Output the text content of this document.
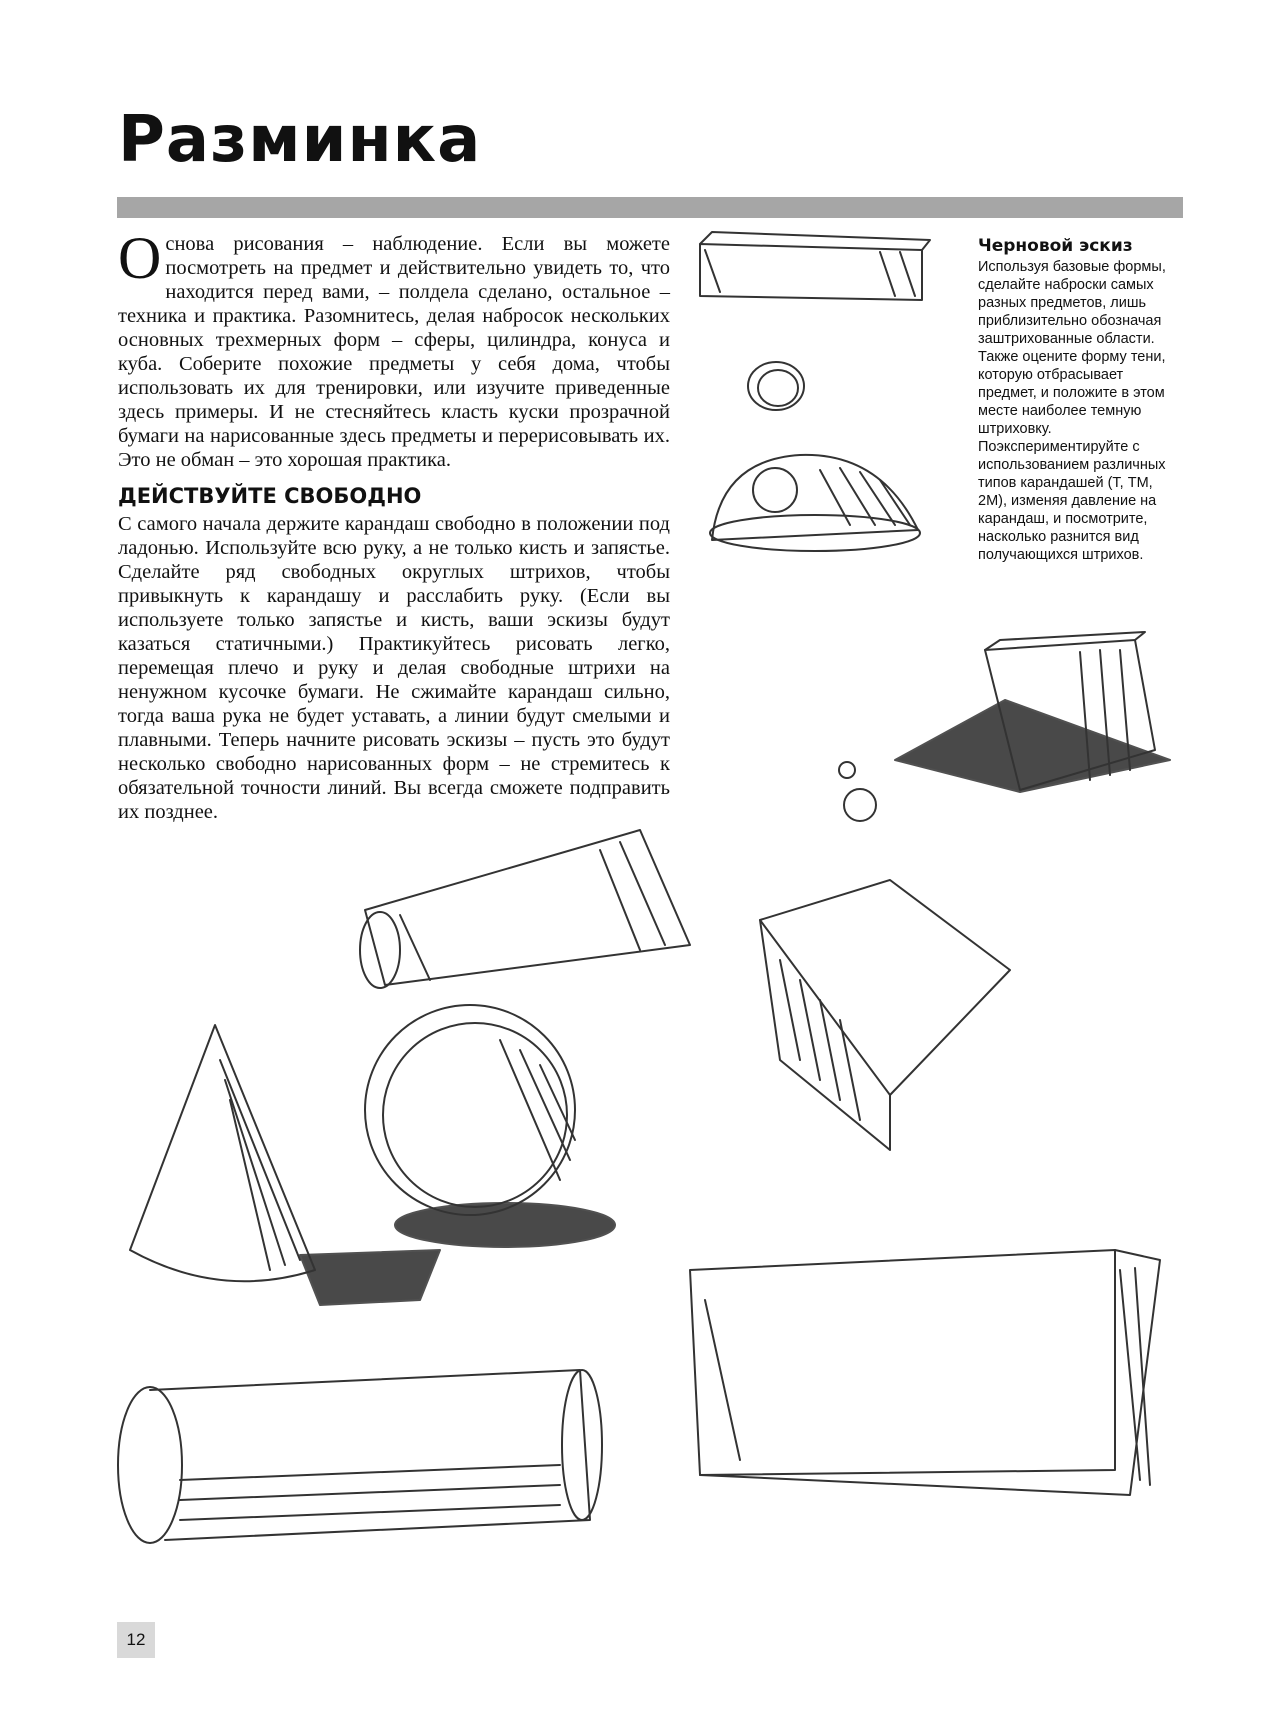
Разминка

Основа рисования – наблюдение. Если вы можете посмотреть на предмет и действительно увидеть то, что находится перед вами, – полдела сделано, остальное – техника и практика. Разомнитесь, делая набросок нескольких основных трехмерных форм – сферы, цилиндра, конуса и куба. Соберите похожие предметы у себя дома, чтобы использовать их для тренировки, или изучите приведенные здесь примеры. И не стесняйтесь класть куски прозрачной бумаги на нарисованные здесь предметы и перерисовывать их. Это не обман – это хорошая практика.

ДЕЙСТВУЙТЕ СВОБОДНО

С самого начала держите карандаш свободно в положении под ладонью. Используйте всю руку, а не только кисть и запястье. Сделайте ряд свободных округлых штрихов, чтобы привыкнуть к карандашу и расслабить руку. (Если вы используете только запястье и кисть, ваши эскизы будут казаться статичными.) Практикуйтесь рисовать легко, перемещая плечо и руку и делая свободные штрихи на ненужном кусочке бумаги. Не сжимайте карандаш сильно, тогда ваша рука не будет уставать, а линии будут смелыми и плавными. Теперь начните рисовать эскизы – пусть это будут несколько свободно нарисованных форм – не стремитесь к обязательной точности линий. Вы всегда сможете подправить их позднее.

Черновой эскиз

Используя базовые формы, сделайте наброски самых разных предметов, лишь приблизительно обозначая заштрихованные области. Также оцените форму тени, которую отбрасывает предмет, и положите в этом месте наиболее темную штриховку. Поэкспериментируйте с использованием различных типов карандашей (Т, ТМ, 2М), изменяя давление на карандаш, и посмотрите, насколько разнится вид получающихся штрихов.

12
